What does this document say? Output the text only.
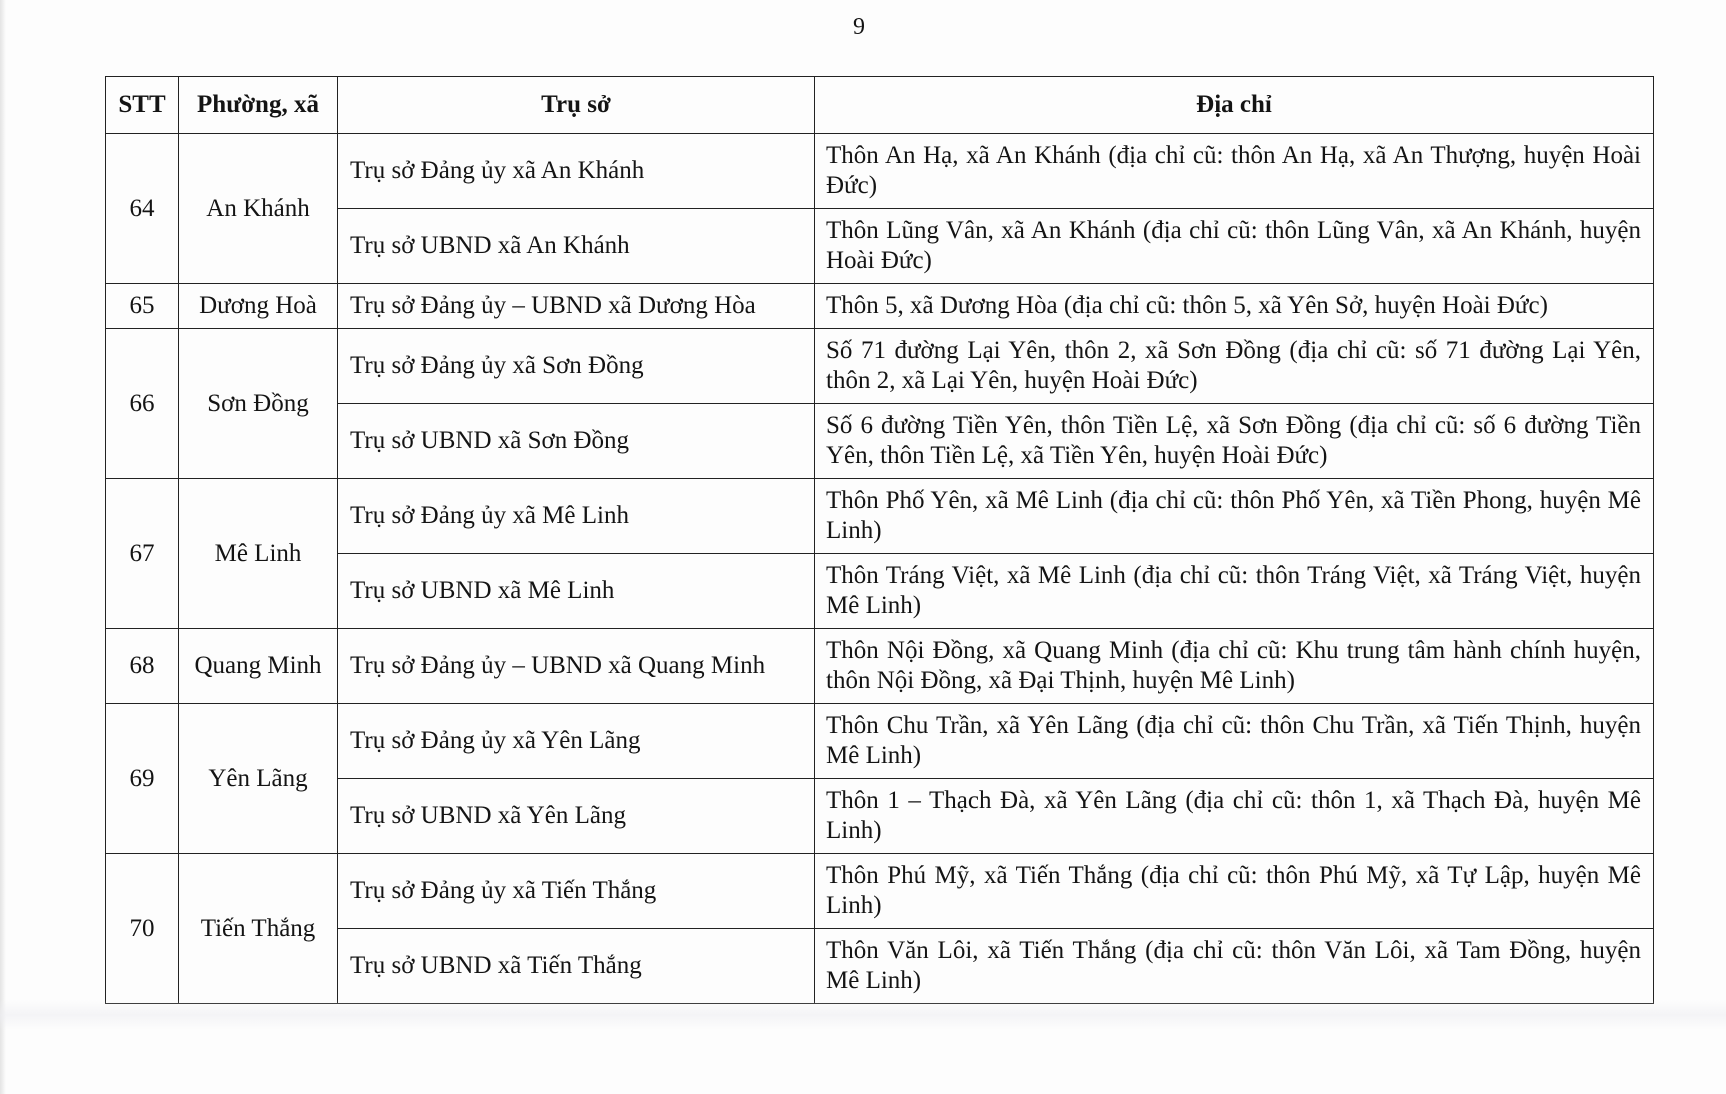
9
STT	Phường, xã	Trụ sở	Địa chỉ
64	An Khánh	Trụ sở Đảng ủy xã An Khánh	Thôn An Hạ, xã An Khánh (địa chỉ cũ: thôn An Hạ, xã An Thượng, huyện Hoài Đức)
		Trụ sở UBND xã An Khánh	Thôn Lũng Vân, xã An Khánh (địa chỉ cũ: thôn Lũng Vân, xã An Khánh, huyện Hoài Đức)
65	Dương Hoà	Trụ sở Đảng ủy – UBND xã Dương Hòa	Thôn 5, xã Dương Hòa (địa chỉ cũ: thôn 5, xã Yên Sở, huyện Hoài Đức)
66	Sơn Đồng	Trụ sở Đảng ủy xã Sơn Đồng	Số 71 đường Lại Yên, thôn 2, xã Sơn Đồng (địa chỉ cũ: số 71 đường Lại Yên, thôn 2, xã Lại Yên, huyện Hoài Đức)
		Trụ sở UBND xã Sơn Đồng	Số 6 đường Tiền Yên, thôn Tiền Lệ, xã Sơn Đồng (địa chỉ cũ: số 6 đường Tiền Yên, thôn Tiền Lệ, xã Tiền Yên, huyện Hoài Đức)
67	Mê Linh	Trụ sở Đảng ủy xã Mê Linh	Thôn Phố Yên, xã Mê Linh (địa chỉ cũ: thôn Phố Yên, xã Tiền Phong, huyện Mê Linh)
		Trụ sở UBND xã Mê Linh	Thôn Tráng Việt, xã Mê Linh (địa chỉ cũ: thôn Tráng Việt, xã Tráng Việt, huyện Mê Linh)
68	Quang Minh	Trụ sở Đảng ủy – UBND xã Quang Minh	Thôn Nội Đồng, xã Quang Minh (địa chỉ cũ: Khu trung tâm hành chính huyện, thôn Nội Đồng, xã Đại Thịnh, huyện Mê Linh)
69	Yên Lãng	Trụ sở Đảng ủy xã Yên Lãng	Thôn Chu Trần, xã Yên Lãng (địa chỉ cũ: thôn Chu Trần, xã Tiến Thịnh, huyện Mê Linh)
		Trụ sở UBND xã Yên Lãng	Thôn 1 – Thạch Đà, xã Yên Lãng (địa chỉ cũ: thôn 1, xã Thạch Đà, huyện Mê Linh)
70	Tiến Thắng	Trụ sở Đảng ủy xã Tiến Thắng	Thôn Phú Mỹ, xã Tiến Thắng (địa chỉ cũ: thôn Phú Mỹ, xã Tự Lập, huyện Mê Linh)
		Trụ sở UBND xã Tiến Thắng	Thôn Văn Lôi, xã Tiến Thắng (địa chỉ cũ: thôn Văn Lôi, xã Tam Đồng, huyện Mê Linh)
